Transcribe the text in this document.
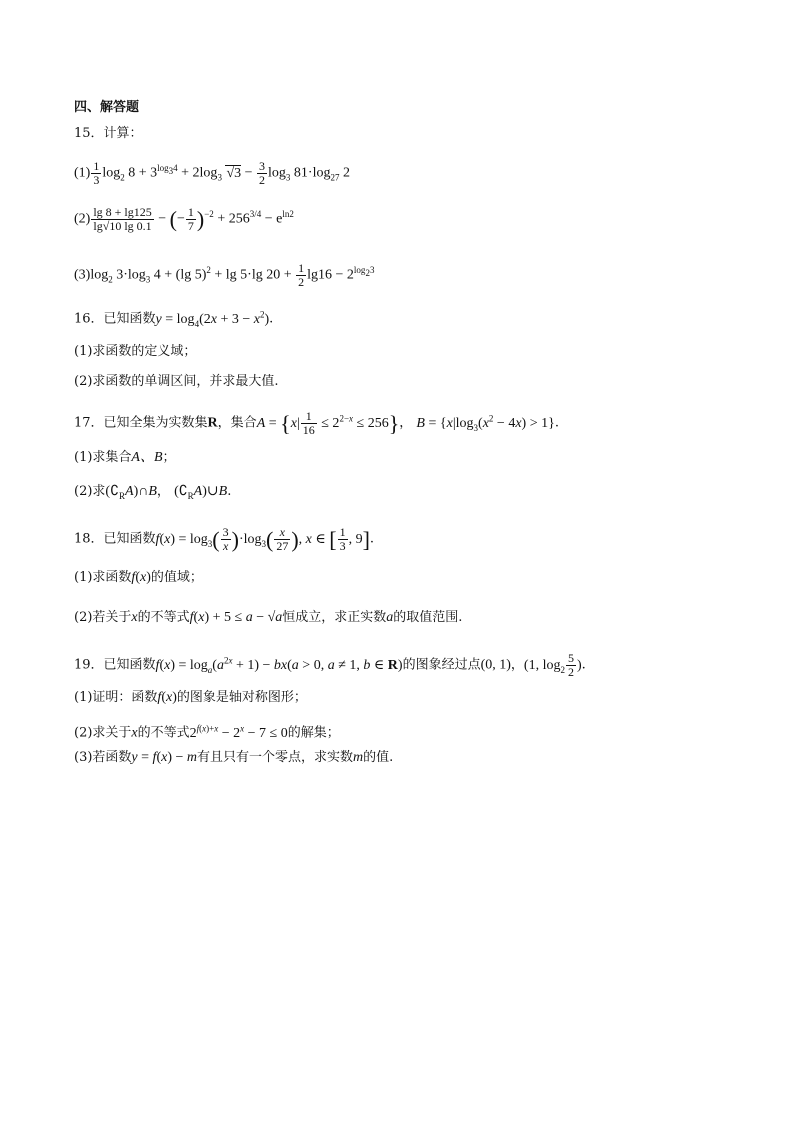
四、解答题
15．计算：
$(1) \frac{1}{3} \log_2 8 + 3^{log_34} + 2\log_3$ $√3 - \frac{3}{2} \log_3 81\cdot\log_{27}$ 2
$(2) \frac{\lg 8 + \lg 125}{\lg√10 \lg 0.1}$ − (− $\frac{1}{7} )^{-2} + 256^{3/4} - e^{ln2}$
$(3)\log_2$ $3\cdot\log_3$ 4 + (lg 5)$^2$ + lg 5·lg $20 + \frac{1}{2} \lg 16 - 2^{log_23}$
16．已知函数$y = \log_4(2x + 3 - x^2)$.
(1)求函数的定义域；
(2)求函数的单调区间，并求最大值.
17．已知全集为实数集R，集合$A = \{x| \frac{1}{16} \le 2^{2-x} \le 256\}$， $B = \{x|\log_3(x^2 - 4x) > 1\}$.
(1)求集合A、B；
(2)求$(∁_RA)\cap B$， $(∁_RA)\cup B$.
18．已知函数$f(x) = \log_3( \frac{3}{x} )\cdot\log_3( \frac{x}{27}$ ), x ∈ [ $\frac{1}{3}$ , 9].
(1)求函数f(x)的值域；
(2)若关于x的不等式f(x) + 5 ≤ a − √a恒成立，求正实数a的取值范围.
19．已知函数$f(x) = \log_a(a^{2x} + 1) - bx(a > 0$, a ≠ 1, b ∈ R)的图象经过点(0, 1)，(1, $\log_2 \frac{5}{2}$ ).
(1)证明：函数f(x)的图象是轴对称图形；
(2)求关于x的不等式$2^{f(x)+x} - 2^x - 7 \le 0$的解集；
(3)若函数y = f(x) − m有且只有一个零点，求实数m的值.
